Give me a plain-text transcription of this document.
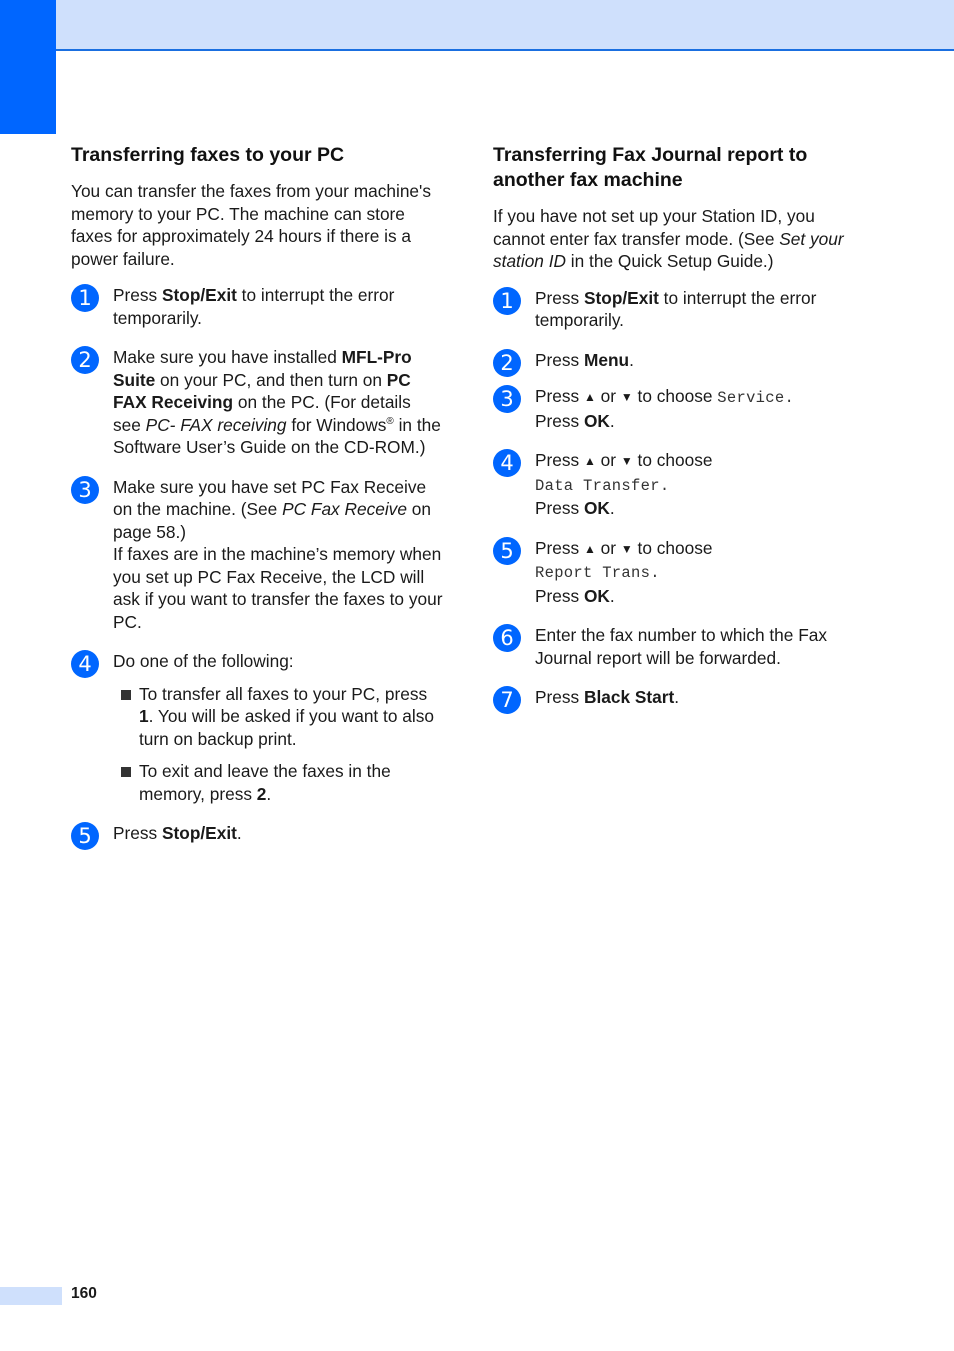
Transferring faxes to your PC

You can transfer the faxes from your machine's memory to your PC. The machine can store faxes for approximately 24 hours if there is a power failure.

1	Press Stop/Exit to interrupt the error temporarily.
2	Make sure you have installed MFL-Pro Suite on your PC, and then turn on PC FAX Receiving on the PC. (For details see PC- FAX receiving for Windows® in the Software User’s Guide on the CD-ROM.)
3	Make sure you have set PC Fax Receive on the machine. (See PC Fax Receive on page 58.)
If faxes are in the machine’s memory when you set up PC Fax Receive, the LCD will ask if you want to transfer the faxes to your PC.
4	Do one of the following:
To transfer all faxes to your PC, press 1. You will be asked if you want to also turn on backup print.
To exit and leave the faxes in the memory, press 2.
5	Press Stop/Exit.
Transferring Fax Journal report to another fax machine

If you have not set up your Station ID, you cannot enter fax transfer mode. (See Set your station ID in the Quick Setup Guide.)

1	Press Stop/Exit to interrupt the error temporarily.
2	Press Menu.
3	Press ▲ or ▼ to choose Service.
Press OK.
4	Press ▲ or ▼ to choose
Data Transfer.
Press OK.
5	Press ▲ or ▼ to choose
Report Trans.
Press OK.
6	Enter the fax number to which the Fax Journal report will be forwarded.
7	Press Black Start.
160
